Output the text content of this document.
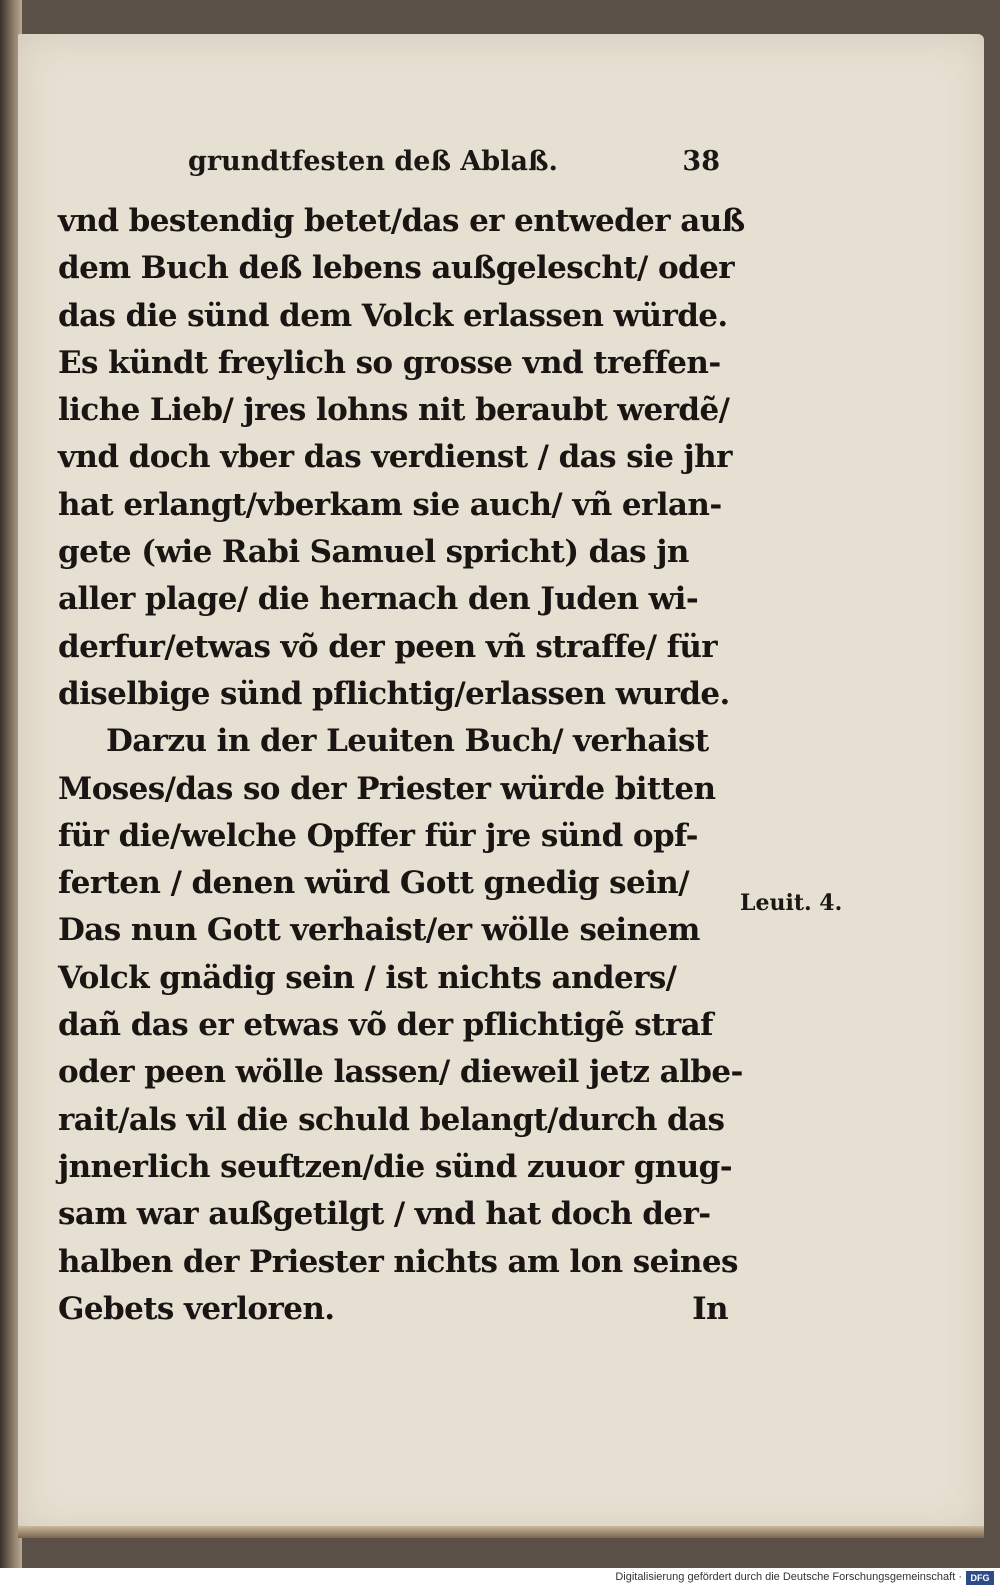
grundtfesten deß Ablaß.	38
vnd bestendig betet/das er entweder auß
dem Buch deß lebens außgelescht/ oder
das die sünd dem Volck erlassen würde.
Es kündt freylich so grosse vnd treffen-
liche Lieb/ jres lohns nit beraubt werdẽ/
vnd doch vber das verdienst / das sie jhr
hat erlangt/vberkam sie auch/ vñ erlan-
gete (wie Rabi Samuel spricht) das jn
aller plage/ die hernach den Juden wi-
derfur/etwas võ der peen vñ straffe/ für
diselbige sünd pflichtig/erlassen wurde.
Darzu in der Leuiten Buch/ verhaist
Moses/das so der Priester würde bitten
für die/welche Opffer für jre sünd opf-
ferten / denen würd Gott gnedig sein/
Das nun Gott verhaist/er wölle seinem
Volck gnädig sein / ist nichts anders/
dañ das er etwas võ der pflichtigẽ straf
oder peen wölle lassen/ dieweil jetz albe-
rait/als vil die schuld belangt/durch das
jnnerlich seuftzen/die sünd zuuor gnug-
sam war außgetilgt / vnd hat doch der-
halben der Priester nichts am lon seines
Gebets verloren.	In
Leuit. 4.
Digitalisierung gefördert durch die Deutsche Forschungsgemeinschaft · DFG
